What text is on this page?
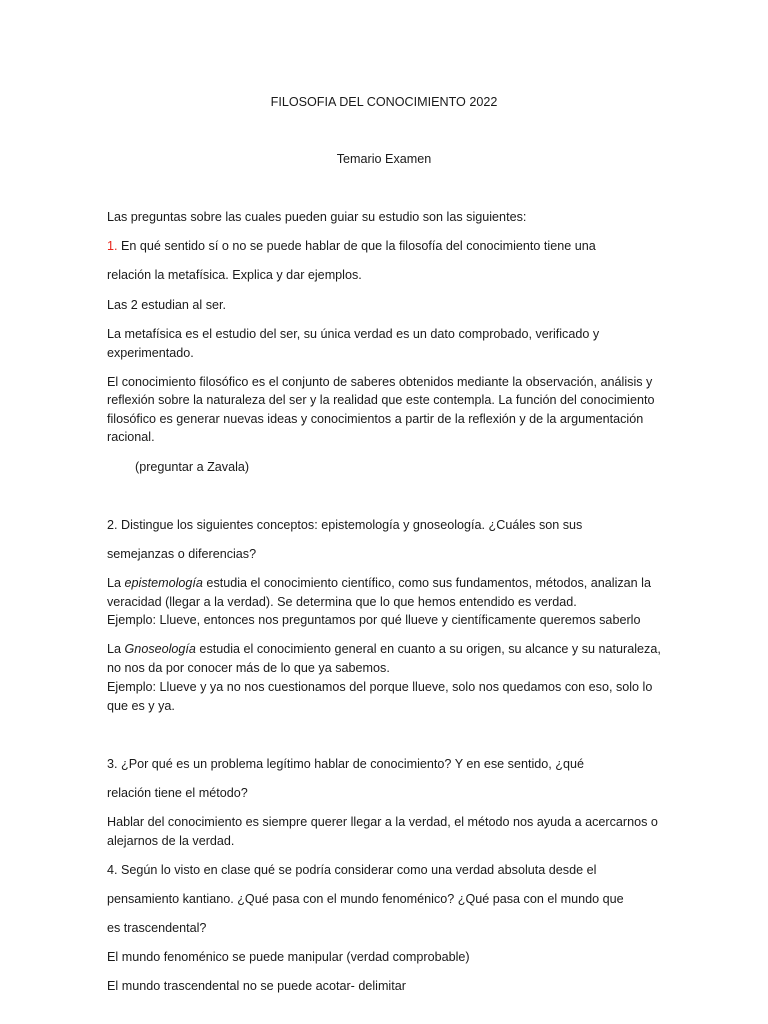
FILOSOFIA DEL CONOCIMIENTO 2022
Temario Examen
Las preguntas sobre las cuales pueden guiar su estudio son las siguientes:
1. En qué sentido sí o no se puede hablar de que la filosofía del conocimiento tiene una
relación la metafísica. Explica y dar ejemplos.
Las 2 estudian al ser.
La metafísica es el estudio del ser, su única verdad es un dato comprobado, verificado y
experimentado.
El conocimiento filosófico es el conjunto de saberes obtenidos mediante la observación, análisis y
reflexión sobre la naturaleza del ser y la realidad que este contempla. La función del conocimiento
filosófico es generar nuevas ideas y conocimientos a partir de la reflexión y de la argumentación
racional.
(preguntar a Zavala)
2. Distingue los siguientes conceptos: epistemología y gnoseología. ¿Cuáles son sus
semejanzas o diferencias?
La epistemología estudia el conocimiento científico, como sus fundamentos, métodos, analizan la
veracidad (llegar a la verdad). Se determina que lo que hemos entendido es verdad.
Ejemplo: Llueve, entonces nos preguntamos por qué llueve y científicamente queremos saberlo
La Gnoseología estudia el conocimiento general en cuanto a su origen, su alcance y su naturaleza,
no nos da por conocer más de lo que ya sabemos.
Ejemplo: Llueve y ya no nos cuestionamos del porque llueve, solo nos quedamos con eso, solo lo
que es y ya.
3. ¿Por qué es un problema legítimo hablar de conocimiento? Y en ese sentido, ¿qué
relación tiene el método?
Hablar del conocimiento es siempre querer llegar a la verdad, el método nos ayuda a acercarnos o
alejarnos de la verdad.
4. Según lo visto en clase qué se podría considerar como una verdad absoluta desde el
pensamiento kantiano. ¿Qué pasa con el mundo fenoménico? ¿Qué pasa con el mundo que
es trascendental?
El mundo fenoménico se puede manipular (verdad comprobable)
El mundo trascendental no se puede acotar- delimitar
